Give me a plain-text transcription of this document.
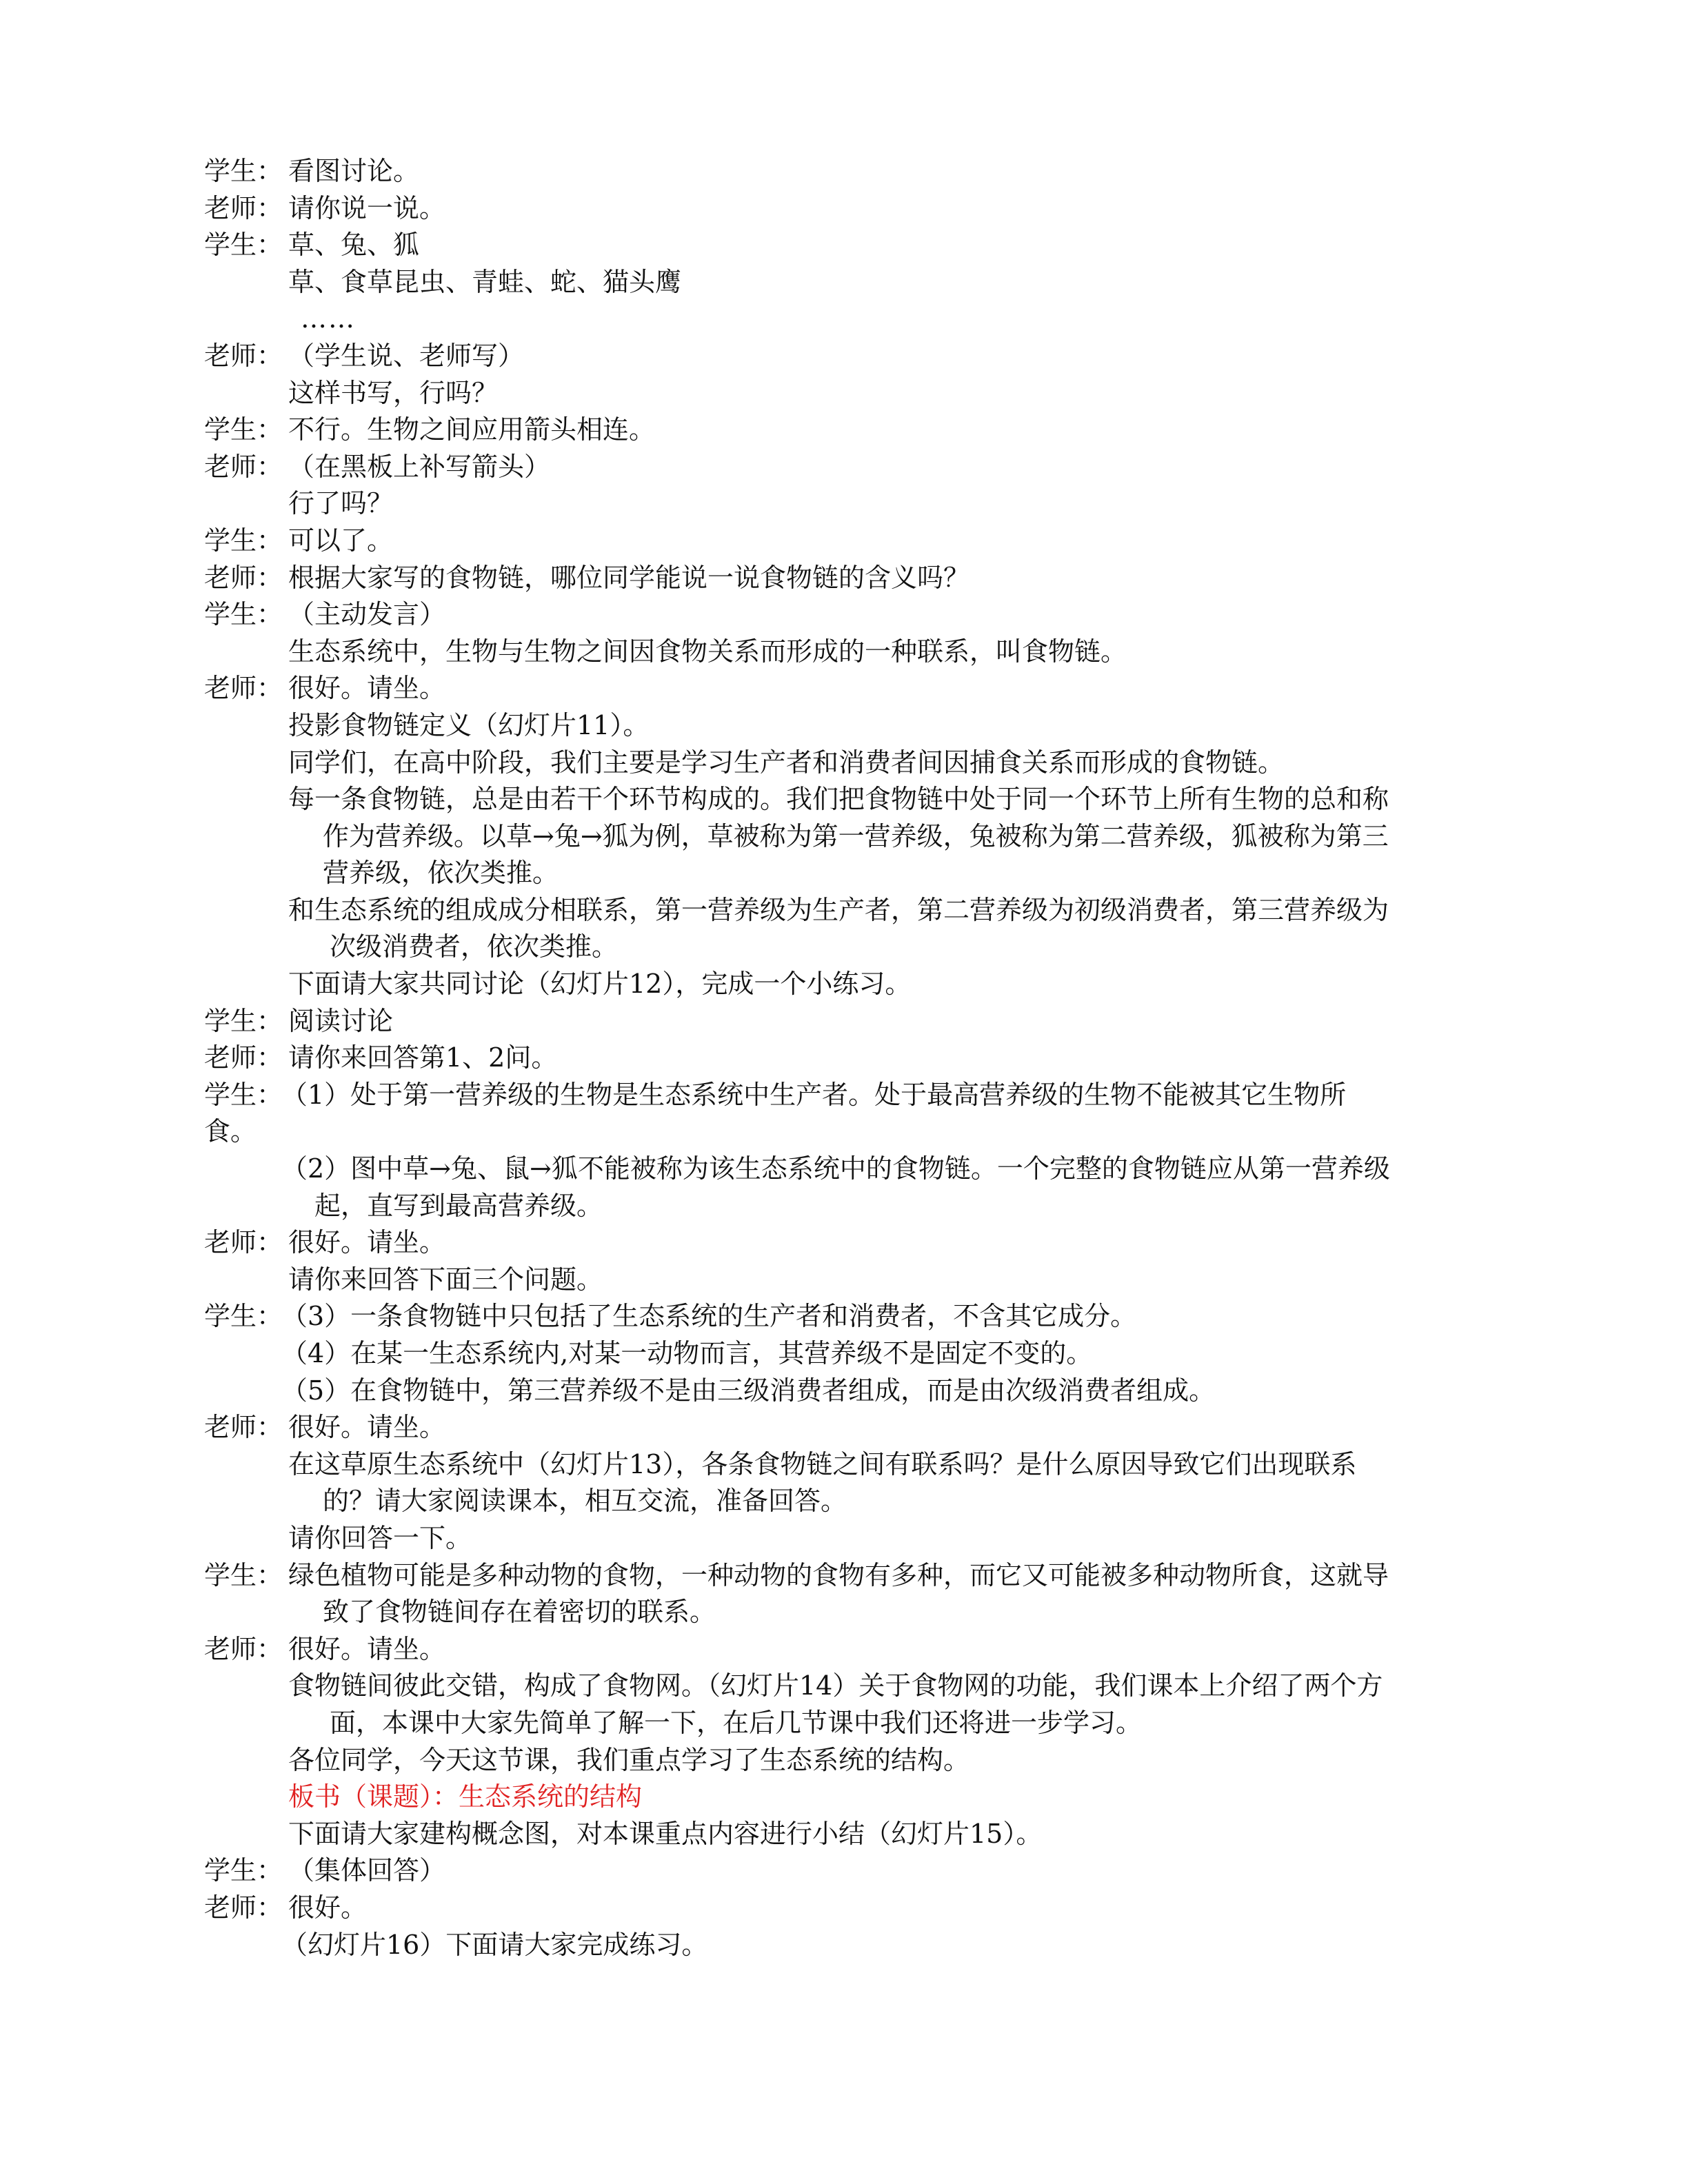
学生： 看图讨论。
老师： 请你说一说。
学生： 草、兔、狐
草、食草昆虫、青蛙、蛇、猫头鹰
……
老师： （学生说、老师写）
这样书写，行吗？
学生： 不行。生物之间应用箭头相连。
老师： （在黑板上补写箭头）
行了吗？
学生： 可以了。
老师： 根据大家写的食物链，哪位同学能说一说食物链的含义吗？
学生： （主动发言）
生态系统中，生物与生物之间因食物关系而形成的一种联系，叫食物链。
老师： 很好。请坐。
投影食物链定义（幻灯片11）。
同学们，在高中阶段，我们主要是学习生产者和消费者间因捕食关系而形成的食物链。
每一条食物链，总是由若干个环节构成的。我们把食物链中处于同一个环节上所有生物的总和称
作为营养级。以草→兔→狐为例，草被称为第一营养级，兔被称为第二营养级，狐被称为第三
营养级，依次类推。
和生态系统的组成成分相联系，第一营养级为生产者，第二营养级为初级消费者，第三营养级为
次级消费者，依次类推。
下面请大家共同讨论（幻灯片12），完成一个小练习。
学生： 阅读讨论
老师： 请你来回答第1、2问。
学生：
（1）处于第一营养级的生物是生态系统中生产者。处于最高营养级的生物不能被其它生物所
食。
（2）图中草→兔、鼠→狐不能被称为该生态系统中的食物链。一个完整的食物链应从第一营养级
起，直写到最高营养级。
老师： 很好。请坐。
请你来回答下面三个问题。
学生：
（3）一条食物链中只包括了生态系统的生产者和消费者，不含其它成分。
（4）在某一生态系统内,对某一动物而言，其营养级不是固定不变的。
（5）在食物链中，第三营养级不是由三级消费者组成，而是由次级消费者组成。
老师： 很好。请坐。
在这草原生态系统中（幻灯片13），各条食物链之间有联系吗？是什么原因导致它们出现联系
的？请大家阅读课本，相互交流，准备回答。
请你回答一下。
学生： 绿色植物可能是多种动物的食物，一种动物的食物有多种，而它又可能被多种动物所食，这就导
致了食物链间存在着密切的联系。
老师： 很好。请坐。
食物链间彼此交错，构成了食物网。（幻灯片14）关于食物网的功能，我们课本上介绍了两个方
面，本课中大家先简单了解一下，在后几节课中我们还将进一步学习。
各位同学，今天这节课，我们重点学习了生态系统的结构。
板书（课题）：生态系统的结构
下面请大家建构概念图，对本课重点内容进行小结（幻灯片15）。
学生： （集体回答）
老师： 很好。
（幻灯片16）下面请大家完成练习。
